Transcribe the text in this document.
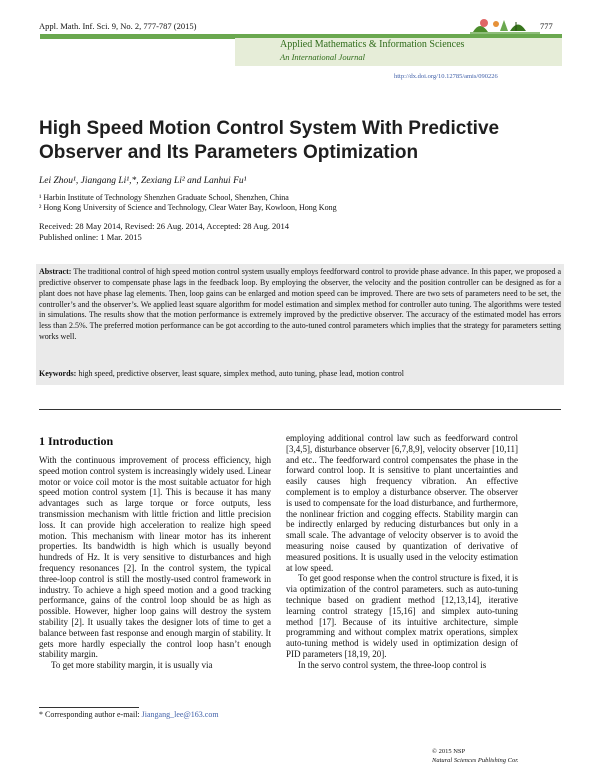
Appl. Math. Inf. Sci. 9, No. 2, 777-787 (2015)	777
Applied Mathematics & Information Sciences
An International Journal
http://dx.doi.org/10.12785/amis/090226
High Speed Motion Control System With Predictive Observer and Its Parameters Optimization
Lei Zhou¹, Jiangang Li¹,*, Zexiang Li² and Lanhui Fu¹
¹ Harbin Institute of Technology Shenzhen Graduate School, Shenzhen, China
² Hong Kong University of Science and Technology, Clear Water Bay, Kowloon, Hong Kong
Received: 28 May 2014, Revised: 26 Aug. 2014, Accepted: 28 Aug. 2014
Published online: 1 Mar. 2015
Abstract: The traditional control of high speed motion control system usually employs feedforward control to provide phase advance. In this paper, we proposed a predictive observer to compensate phase lags in the feedback loop. By employing the observer, the velocity and the position controller can be designed as for a plant does not have phase lag elements. Then, loop gains can be enlarged and motion speed can be improved. There are two sets of parameters need to be set, the controller’s and the observer’s. We applied least square algorithm for model estimation and simplex method for controller auto tuning. The algorithms were tested in simulations. The results show that the motion performance is extremely improved by the predictive observer. The accuracy of the estimated model has errors less than 2.5%. The preferred motion performance can be got according to the auto-tuned control parameters which implies that the strategy for parameters setting works well.
Keywords: high speed, predictive observer, least square, simplex method, auto tuning, phase lead, motion control
1 Introduction

With the continuous improvement of process efficiency, high speed motion control system is increasingly widely used. Linear motor or voice coil motor is the most suitable actuator for high speed motion control system [1]. This is because it has many advantages such as large torque or force outputs, less transmission mechanism with little friction and little precision loss. It can provide high acceleration to realize high speed motion. This mechanism with linear motor has its inherent properties. Its bandwidth is high which is usually beyond hundreds of Hz. It is very sensitive to disturbances and high frequency resonances [2]. In the control system, the typical three-loop control is still the mostly-used control framework in industry. To achieve a high speed motion and a good tracking performance, gains of the control loop should be as high as possible. However, higher loop gains will destroy the system stability [2]. It usually takes the designer lots of time to get a balance between fast response and enough margin of stability. It gets more hardly especially the control loop hasn’t enough stability margin.

To get more stability margin, it is usually via

employing additional control law such as feedforward control [3,4,5], disturbance observer [6,7,8,9], velocity observer [10,11] and etc.. The feedforward control compensates the phase in the forward control loop. It is sensitive to plant uncertainties and easily causes high frequency vibration. An effective complement is to employ a disturbance observer. The observer is used to compensate for the load disturbance, and furthermore, the nonlinear friction and cogging effects. Stability margin can be indirectly enlarged by reducing disturbances but only in a small scale. The advantage of velocity observer is to avoid the measuring noise caused by quantization of derivative of measured positions. It is usually used in the velocity estimation at low speed.

To get good response when the control structure is fixed, it is via optimization of the control parameters. such as auto-tuning technique based on gradient method [12,13,14], iterative learning control strategy [15,16] and simplex auto-tuning method [17]. Because of its intuitive architecture, simple programming and without complex matrix operations, simplex auto-tuning method is widely used in optimization design of PID parameters [18,19, 20].

In the servo control system, the three-loop control is

* Corresponding author e-mail: Jiangang_lee@163.com
© 2015 NSP
Natural Sciences Publishing Cor.
